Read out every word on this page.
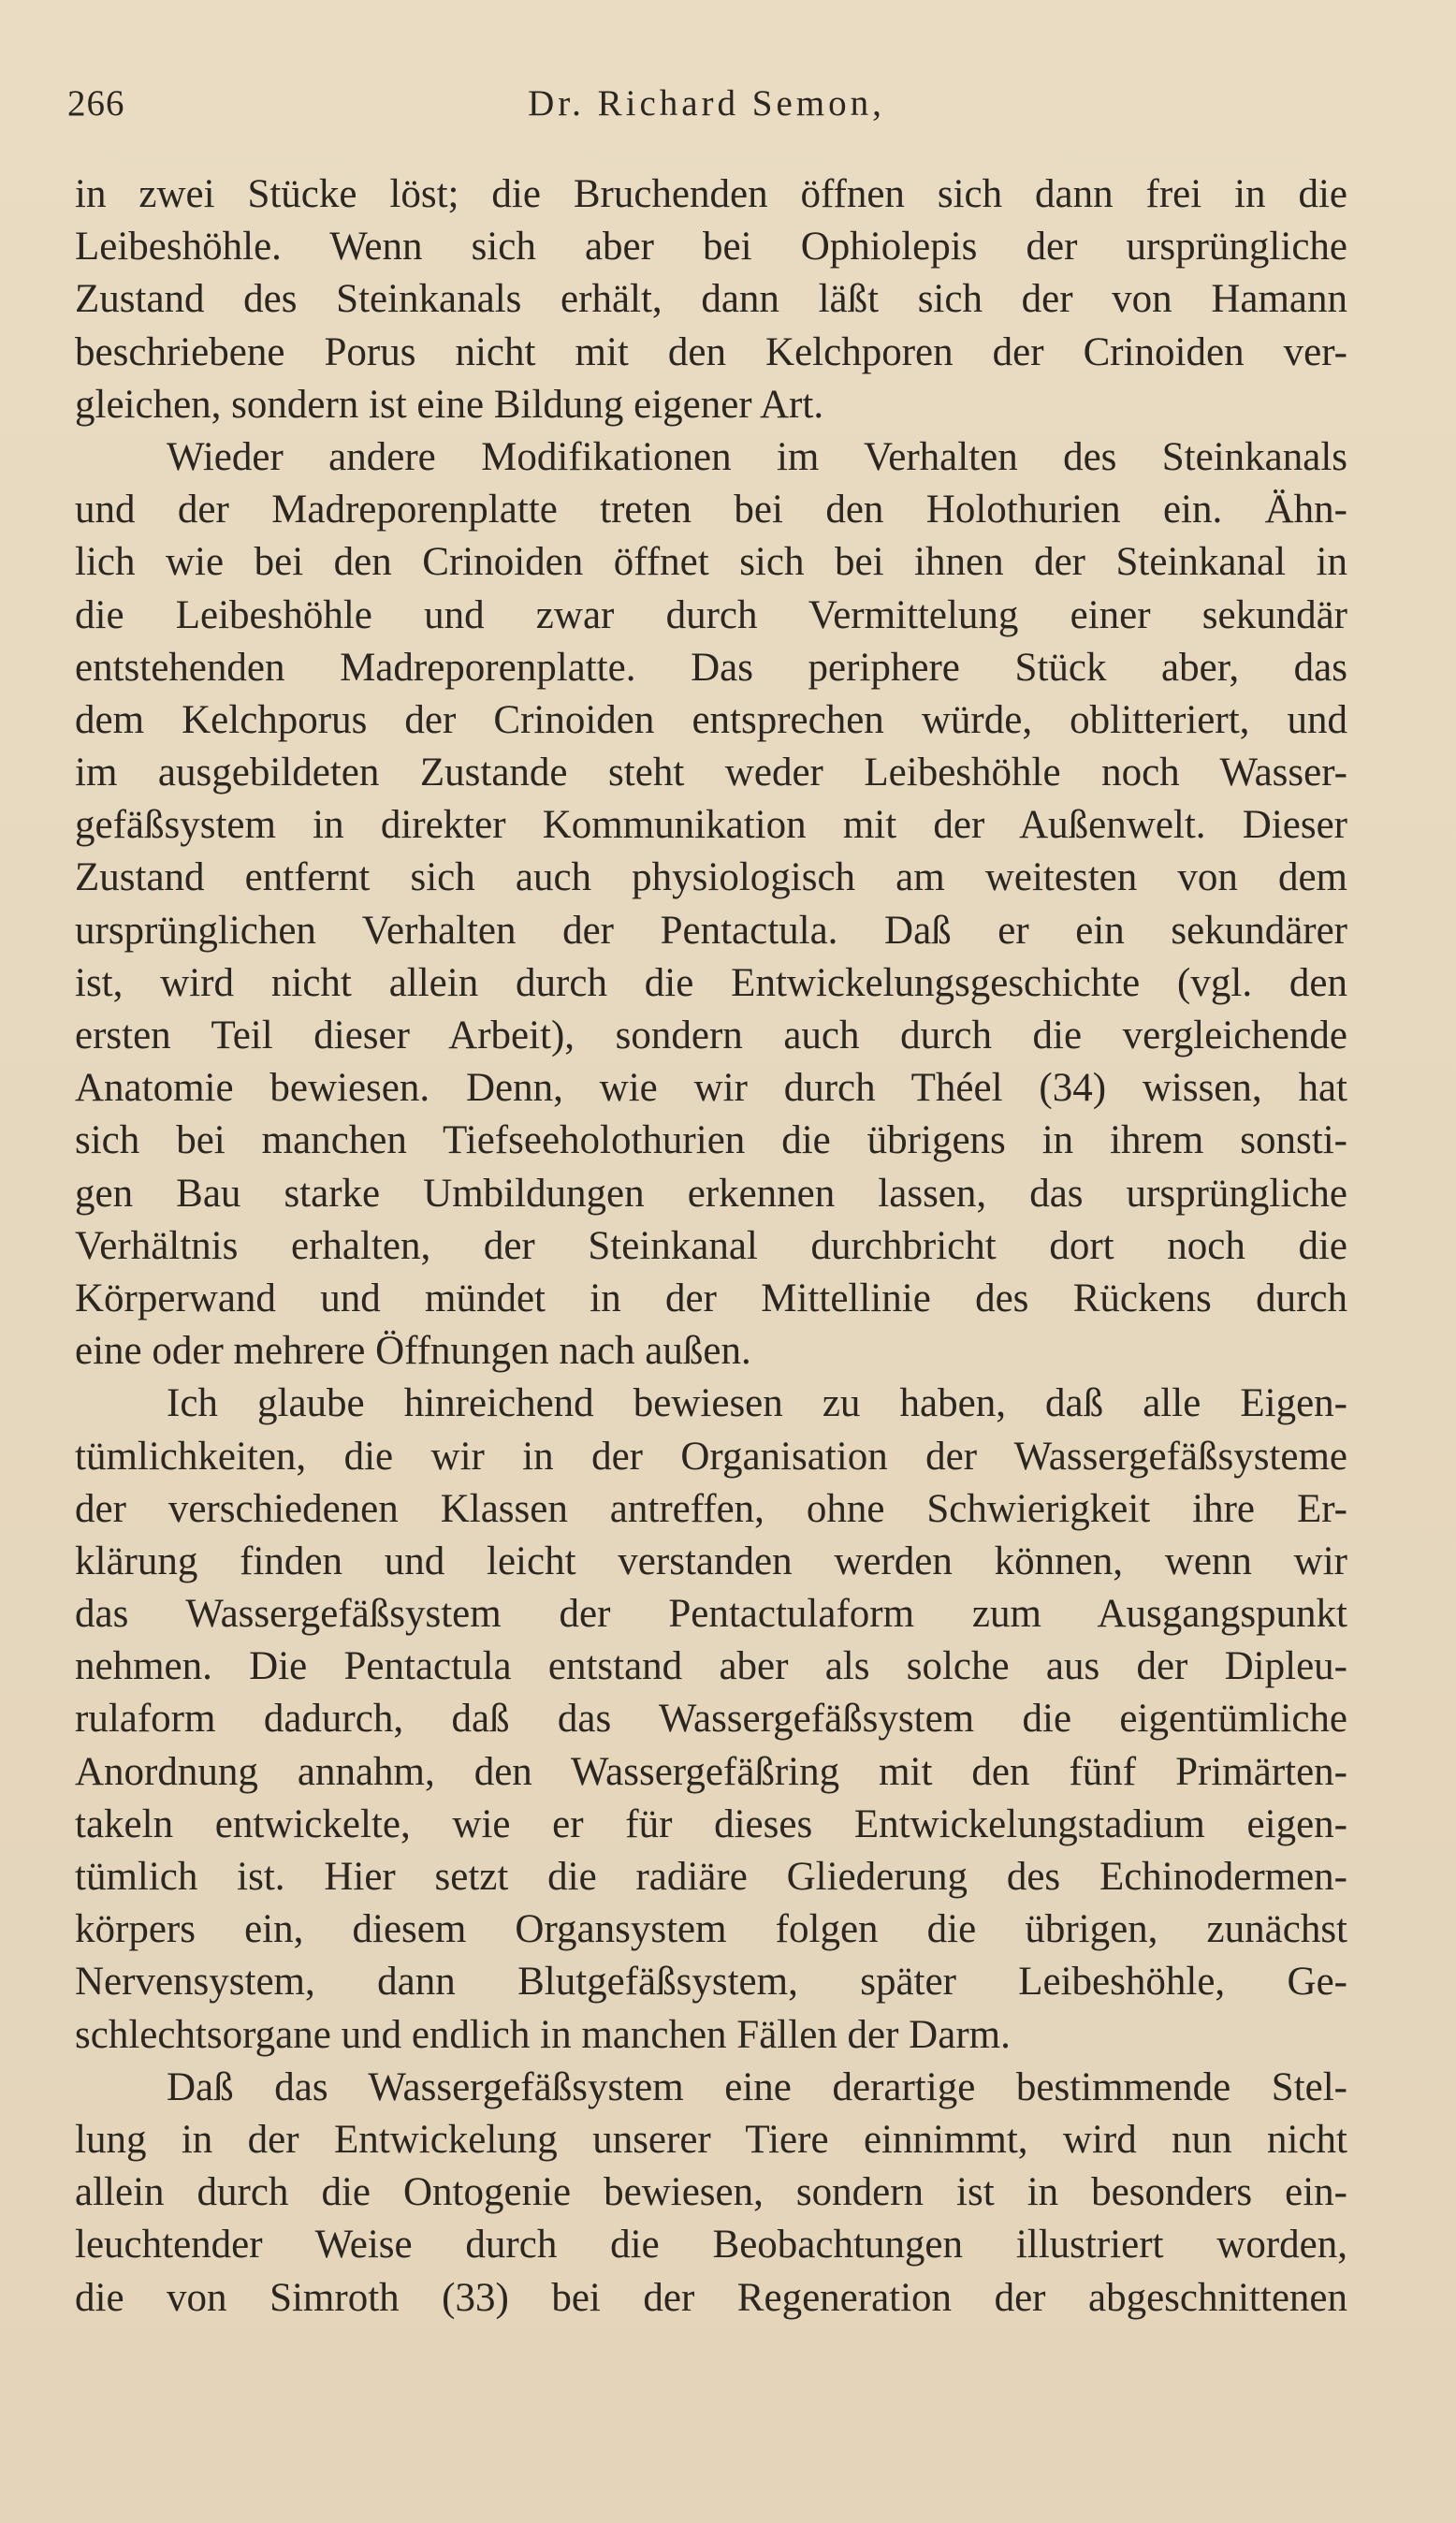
266	Dr. Richard Semon,
in zwei Stücke löst; die Bruchenden öffnen sich dann frei in die
Leibeshöhle. Wenn sich aber bei Ophiolepis der ursprüngliche
Zustand des Steinkanals erhält, dann läßt sich der von Hamann
beschriebene Porus nicht mit den Kelchporen der Crinoiden ver-
gleichen, sondern ist eine Bildung eigener Art.
Wieder andere Modifikationen im Verhalten des Steinkanals
und der Madreporenplatte treten bei den Holothurien ein. Ähn-
lich wie bei den Crinoiden öffnet sich bei ihnen der Steinkanal in
die Leibeshöhle und zwar durch Vermittelung einer sekundär
entstehenden Madreporenplatte. Das periphere Stück aber, das
dem Kelchporus der Crinoiden entsprechen würde, oblitteriert, und
im ausgebildeten Zustande steht weder Leibeshöhle noch Wasser-
gefäßsystem in direkter Kommunikation mit der Außenwelt. Dieser
Zustand entfernt sich auch physiologisch am weitesten von dem
ursprünglichen Verhalten der Pentactula. Daß er ein sekundärer
ist, wird nicht allein durch die Entwickelungsgeschichte (vgl. den
ersten Teil dieser Arbeit), sondern auch durch die vergleichende
Anatomie bewiesen. Denn, wie wir durch Théel (34) wissen, hat
sich bei manchen Tiefseeholothurien die übrigens in ihrem sonsti-
gen Bau starke Umbildungen erkennen lassen, das ursprüngliche
Verhältnis erhalten, der Steinkanal durchbricht dort noch die
Körperwand und mündet in der Mittellinie des Rückens durch
eine oder mehrere Öffnungen nach außen.
Ich glaube hinreichend bewiesen zu haben, daß alle Eigen-
tümlichkeiten, die wir in der Organisation der Wassergefäßsysteme
der verschiedenen Klassen antreffen, ohne Schwierigkeit ihre Er-
klärung finden und leicht verstanden werden können, wenn wir
das Wassergefäßsystem der Pentactulaform zum Ausgangspunkt
nehmen. Die Pentactula entstand aber als solche aus der Dipleu-
rulaform dadurch, daß das Wassergefäßsystem die eigentümliche
Anordnung annahm, den Wassergefäßring mit den fünf Primärten-
takeln entwickelte, wie er für dieses Entwickelungstadium eigen-
tümlich ist. Hier setzt die radiäre Gliederung des Echinodermen-
körpers ein, diesem Organsystem folgen die übrigen, zunächst
Nervensystem, dann Blutgefäßsystem, später Leibeshöhle, Ge-
schlechtsorgane und endlich in manchen Fällen der Darm.
Daß das Wassergefäßsystem eine derartige bestimmende Stel-
lung in der Entwickelung unserer Tiere einnimmt, wird nun nicht
allein durch die Ontogenie bewiesen, sondern ist in besonders ein-
leuchtender Weise durch die Beobachtungen illustriert worden,
die von Simroth (33) bei der Regeneration der abgeschnittenen
